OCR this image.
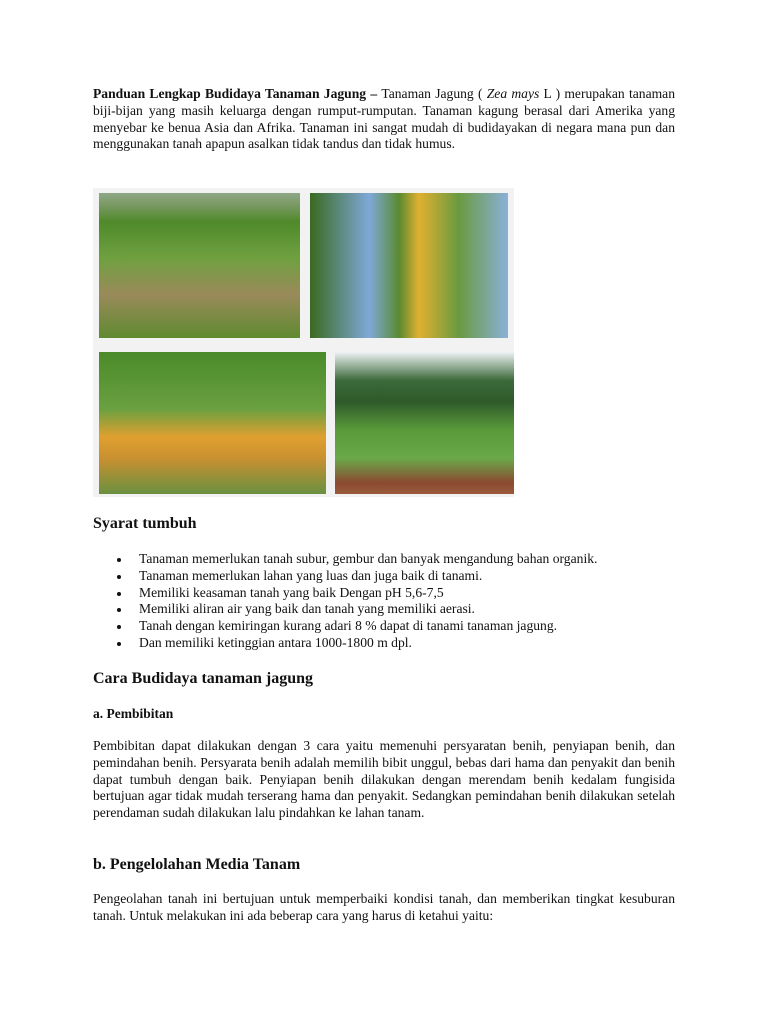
Panduan Lengkap Budidaya Tanaman Jagung – Tanaman Jagung ( Zea mays L ) merupakan tanaman biji-bijan yang masih keluarga dengan rumput-rumputan. Tanaman kagung berasal dari Amerika yang menyebar ke benua Asia dan Afrika. Tanaman ini sangat mudah di budidayakan di negara mana pun dan menggunakan tanah apapun asalkan tidak tandus dan tidak humus.
Syarat tumbuh
Tanaman memerlukan tanah subur, gembur dan banyak mengandung bahan organik.
Tanaman memerlukan lahan yang luas dan juga baik di tanami.
Memiliki keasaman tanah yang baik Dengan pH 5,6-7,5
Memiliki aliran air yang baik dan tanah yang memiliki aerasi.
Tanah dengan kemiringan kurang adari 8 % dapat di tanami tanaman jagung.
Dan memiliki ketinggian antara 1000-1800 m dpl.
Cara Budidaya tanaman jagung
a. Pembibitan
Pembibitan dapat dilakukan dengan 3 cara yaitu memenuhi persyaratan benih, penyiapan benih, dan pemindahan benih. Persyarata benih adalah memilih bibit unggul, bebas dari hama dan penyakit dan benih dapat tumbuh dengan baik. Penyiapan benih dilakukan dengan merendam benih kedalam fungisida bertujuan agar tidak mudah terserang hama dan penyakit. Sedangkan pemindahan benih dilakukan setelah perendaman sudah dilakukan lalu pindahkan ke lahan tanam.
b. Pengelolahan Media Tanam
Pengeolahan tanah ini bertujuan untuk memperbaiki kondisi tanah, dan memberikan tingkat kesuburan tanah. Untuk melakukan ini ada beberap cara yang harus di ketahui yaitu:
